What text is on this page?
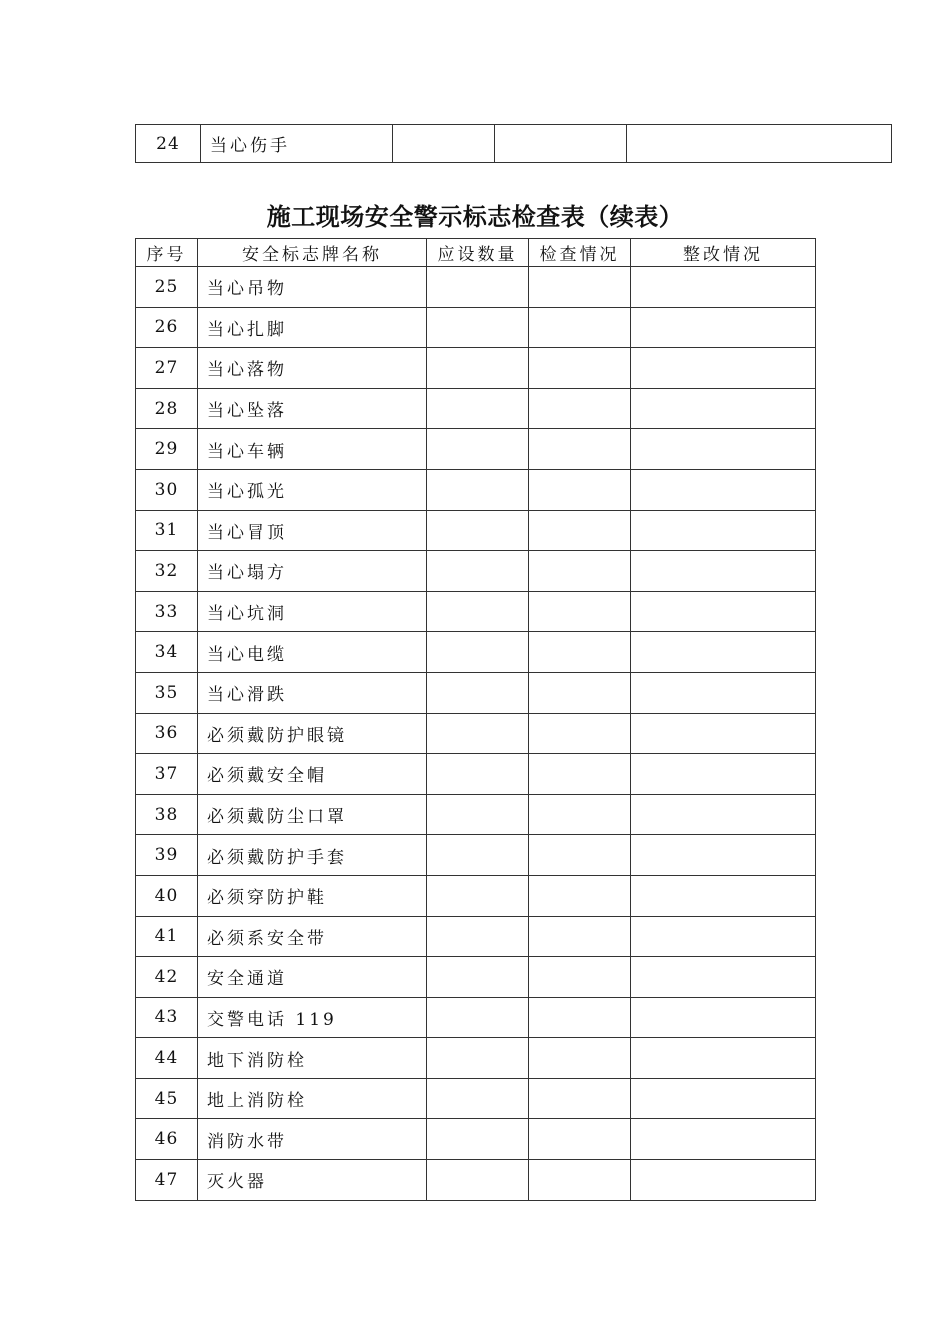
24	当心伤手			
施工现场安全警示标志检查表（续表）
序号	安全标志牌名称	应设数量	检查情况	整改情况
25	当心吊物			
26	当心扎脚			
27	当心落物			
28	当心坠落			
29	当心车辆			
30	当心孤光			
31	当心冒顶			
32	当心塌方			
33	当心坑洞			
34	当心电缆			
35	当心滑跌			
36	必须戴防护眼镜			
37	必须戴安全帽			
38	必须戴防尘口罩			
39	必须戴防护手套			
40	必须穿防护鞋			
41	必须系安全带			
42	安全通道			
43	交警电话 119			
44	地下消防栓			
45	地上消防栓			
46	消防水带			
47	灭火器			
